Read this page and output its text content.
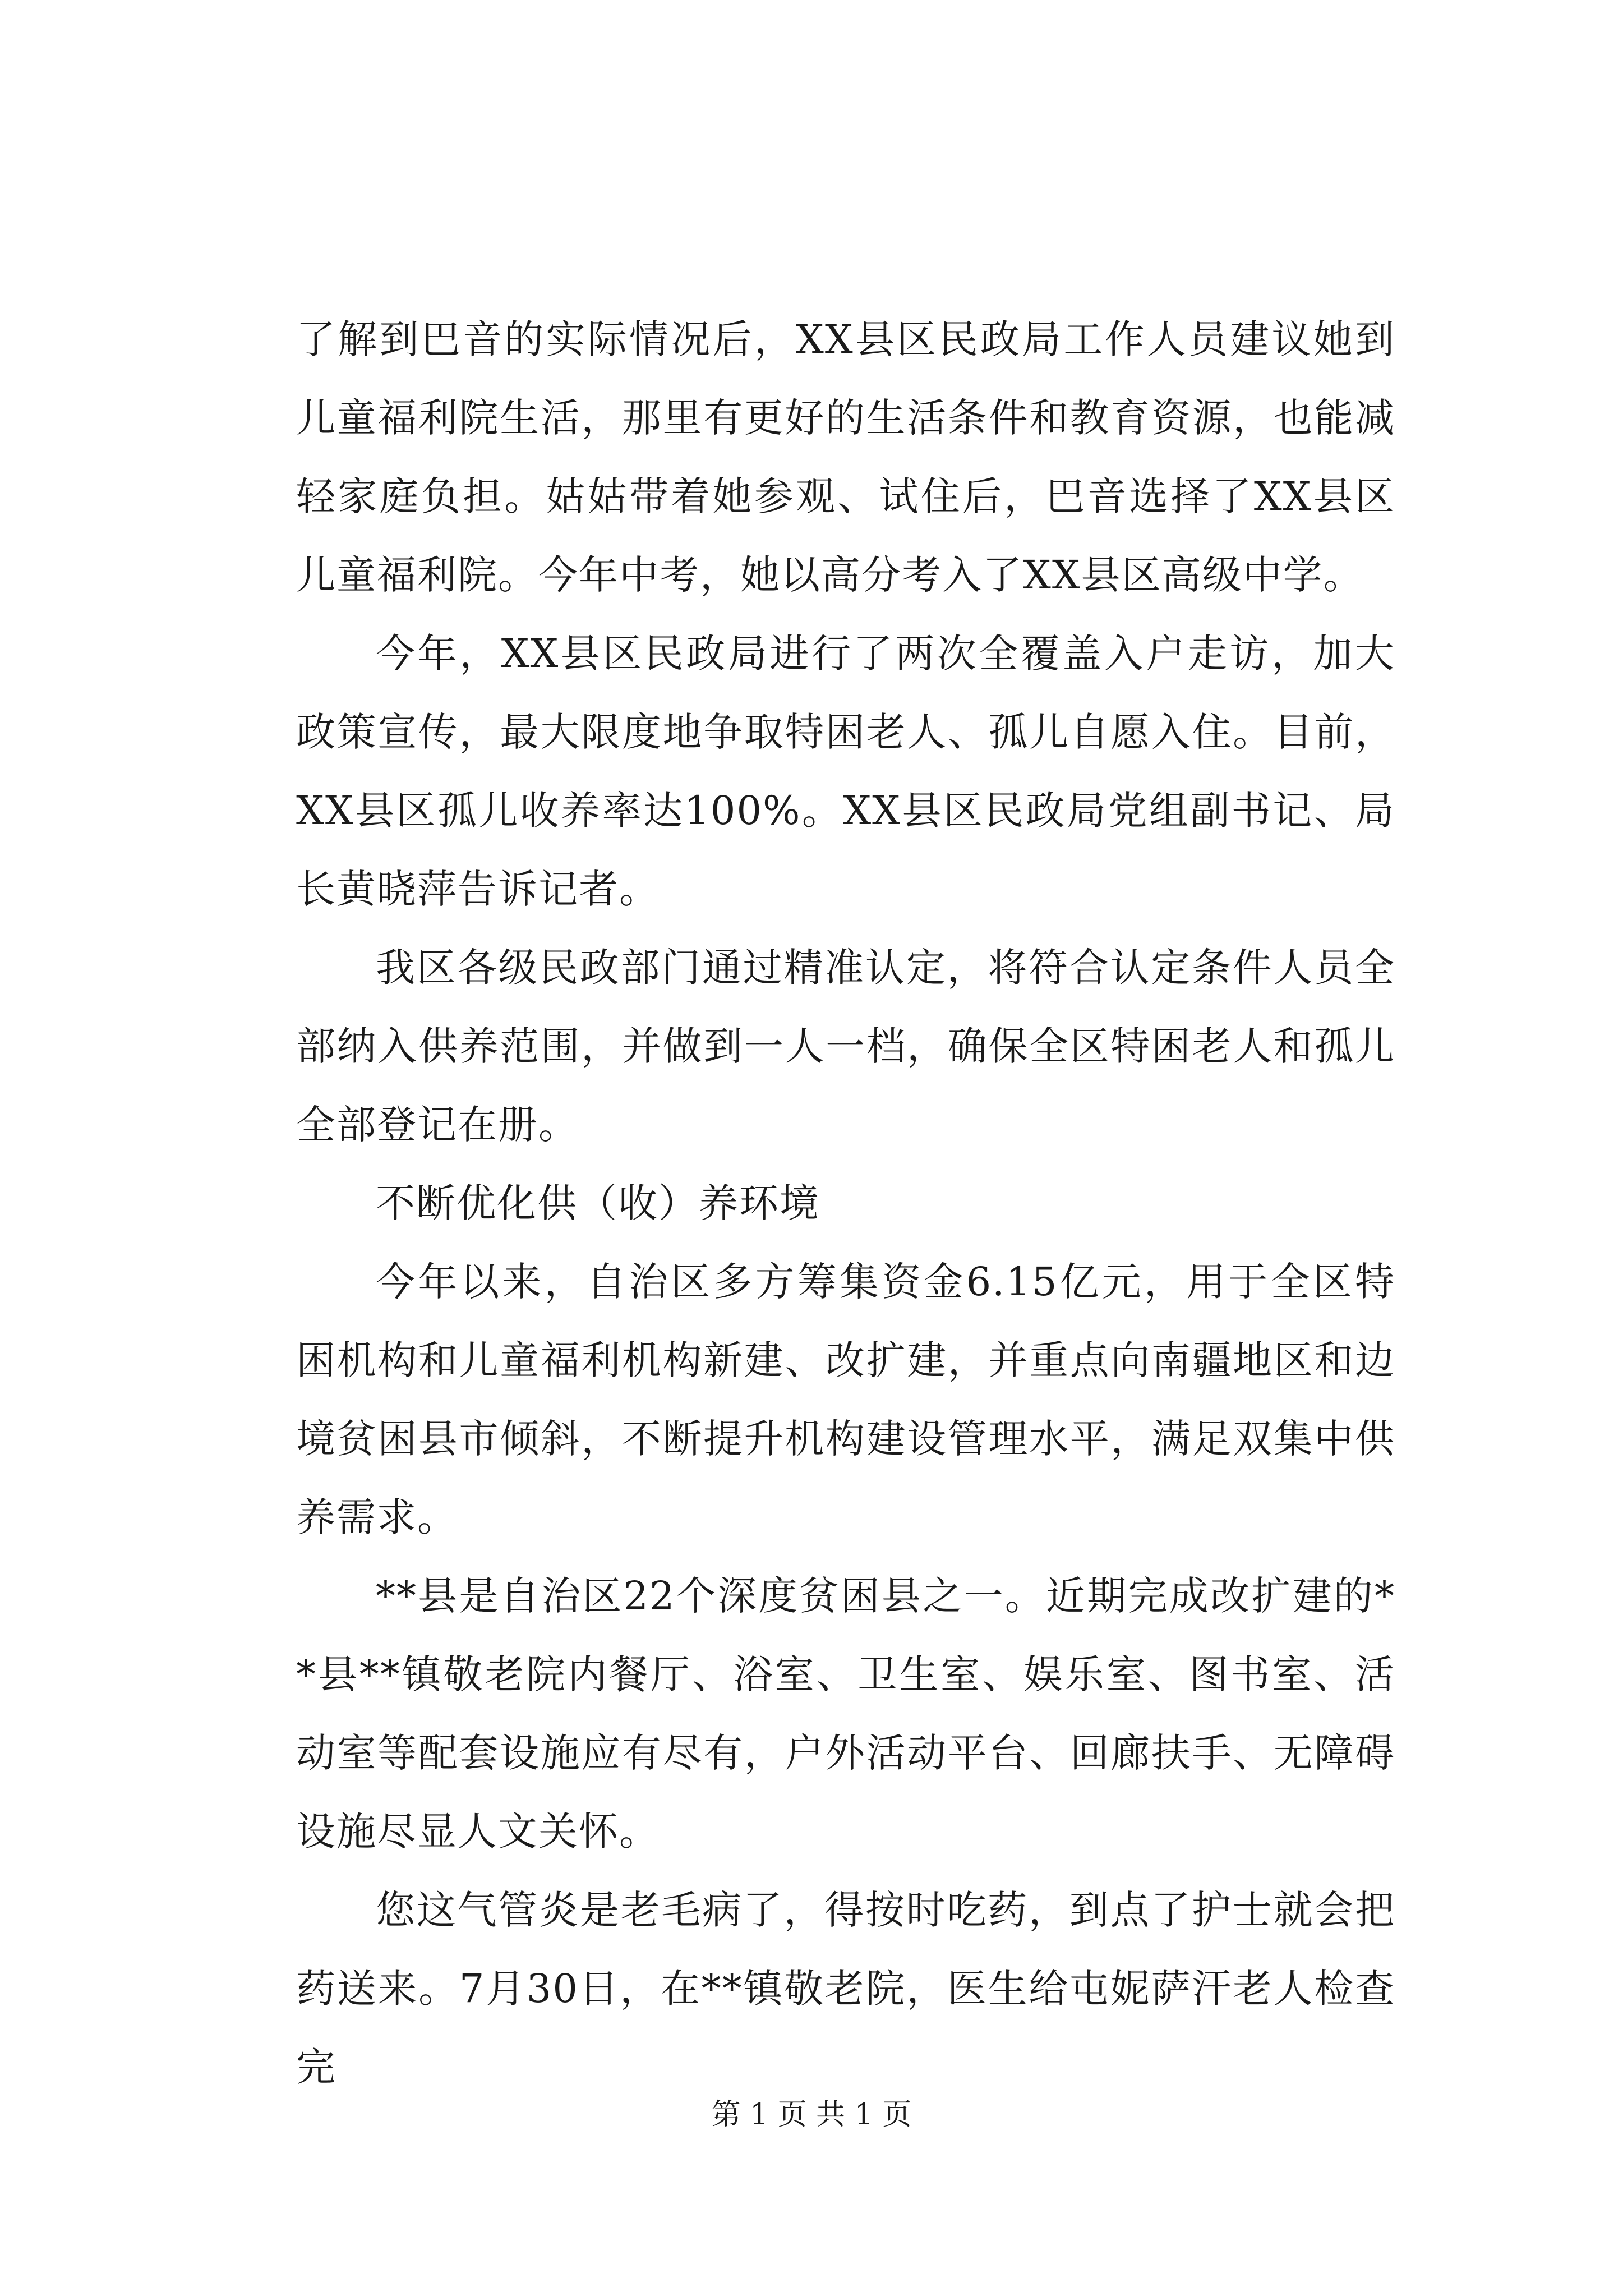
了解到巴音的实际情况后，XX县区民政局工作人员建议她到儿童福利院生活，那里有更好的生活条件和教育资源，也能减轻家庭负担。姑姑带着她参观、试住后，巴音选择了XX县区儿童福利院。今年中考，她以高分考入了XX县区高级中学。

今年，XX县区民政局进行了两次全覆盖入户走访，加大政策宣传，最大限度地争取特困老人、孤儿自愿入住。目前，XX县区孤儿收养率达100%。XX县区民政局党组副书记、局长黄晓萍告诉记者。

我区各级民政部门通过精准认定，将符合认定条件人员全部纳入供养范围，并做到一人一档，确保全区特困老人和孤儿全部登记在册。

不断优化供（收）养环境

今年以来，自治区多方筹集资金6.15亿元，用于全区特困机构和儿童福利机构新建、改扩建，并重点向南疆地区和边境贫困县市倾斜，不断提升机构建设管理水平，满足双集中供养需求。

**县是自治区22个深度贫困县之一。近期完成改扩建的**县**镇敬老院内餐厅、浴室、卫生室、娱乐室、图书室、活动室等配套设施应有尽有，户外活动平台、回廊扶手、无障碍设施尽显人文关怀。

您这气管炎是老毛病了，得按时吃药，到点了护士就会把药送来。7月30日，在**镇敬老院，医生给屯妮萨汗老人检查完

第 1 页 共 1 页
